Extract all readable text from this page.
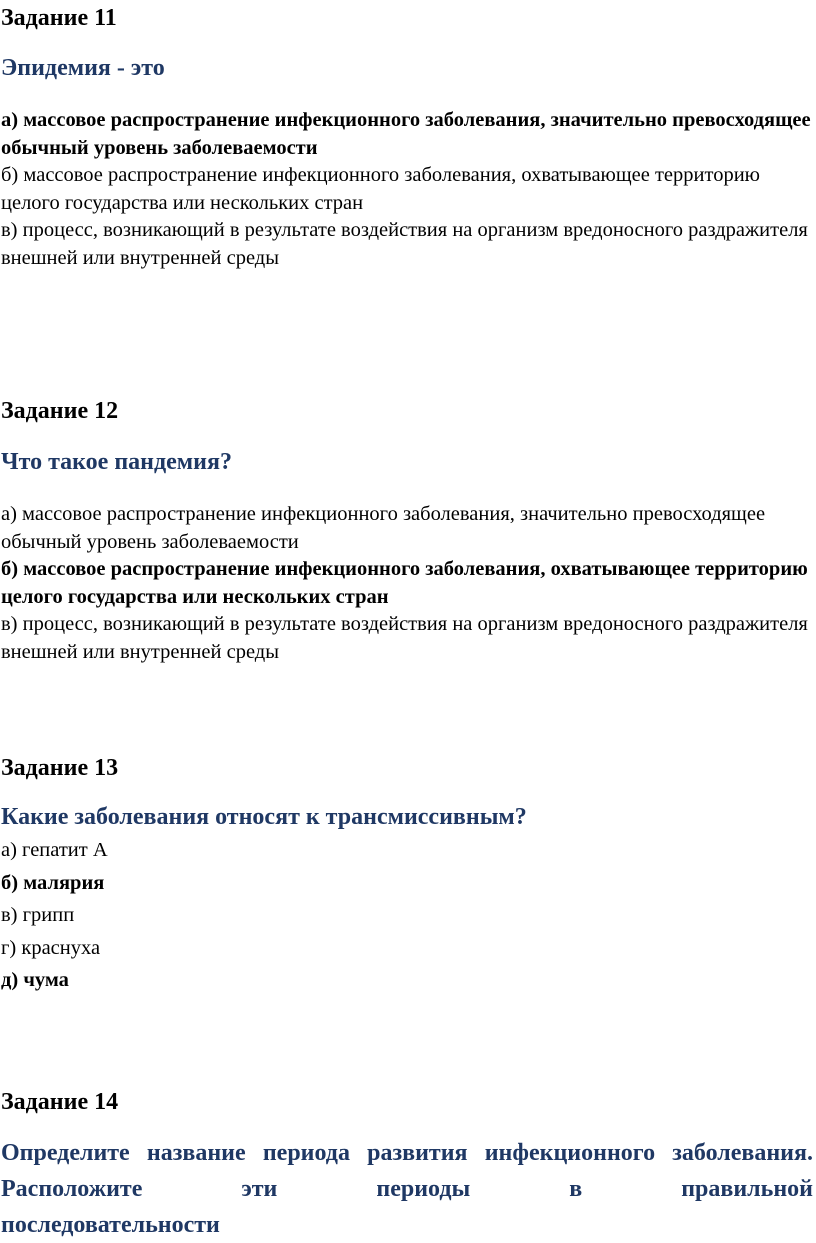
Задание 11
Эпидемия - это
а) массовое распространение инфекционного заболевания, значительно превосходящее обычный уровень заболеваемости
б) массовое распространение инфекционного заболевания, охватывающее территорию целого государства или нескольких стран
в) процесс, возникающий в результате воздействия на организм вредоносного раздражителя внешней или внутренней среды
Задание 12
Что такое пандемия?
а) массовое распространение инфекционного заболевания, значительно превосходящее обычный уровень заболеваемости
б) массовое распространение инфекционного заболевания, охватывающее территорию целого государства или нескольких стран
в) процесс, возникающий в результате воздействия на организм вредоносного раздражителя внешней или внутренней среды
Задание 13
Какие заболевания относят к трансмиссивным?
а) гепатит А
б) малярия
в) грипп
г) краснуха
д) чума
Задание 14
Определите название периода развития инфекционного заболевания. Расположите эти периоды в правильной
последовательности
